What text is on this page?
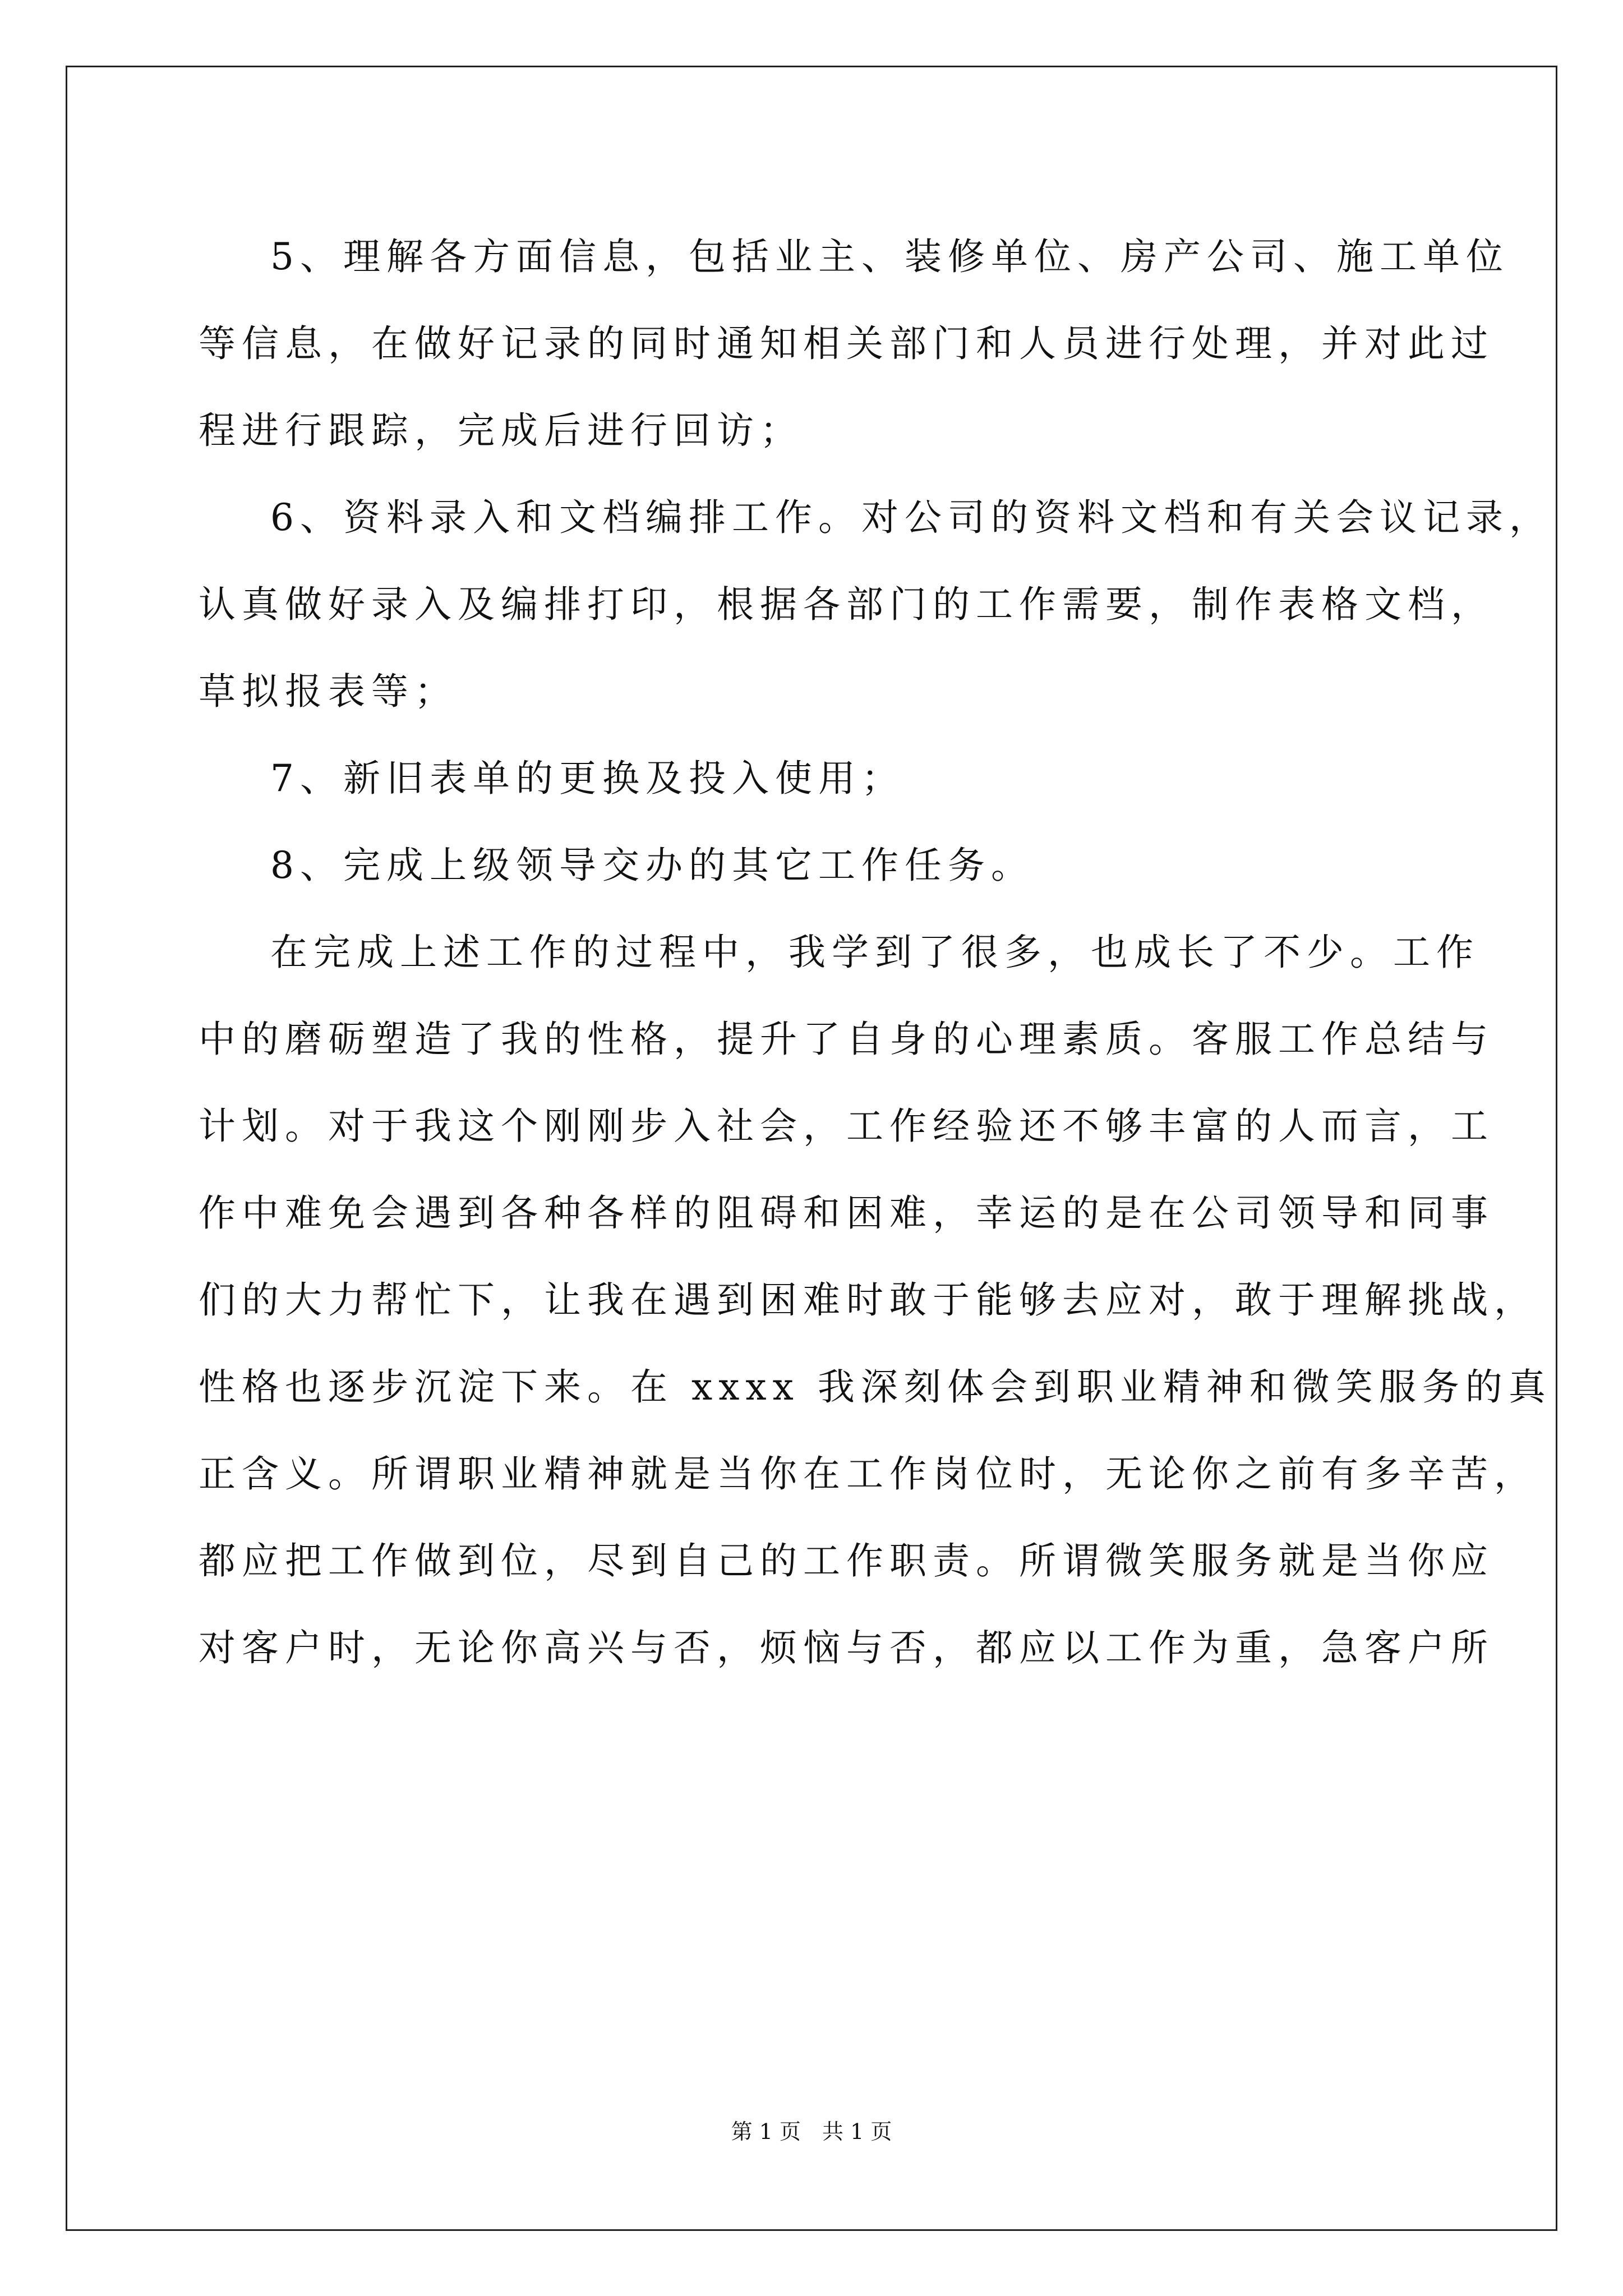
5、理解各方面信息，包括业主、装修单位、房产公司、施工单位
等信息，在做好记录的同时通知相关部门和人员进行处理，并对此过
程进行跟踪，完成后进行回访；
6、资料录入和文档编排工作。对公司的资料文档和有关会议记录，
认真做好录入及编排打印，根据各部门的工作需要，制作表格文档，
草拟报表等；
7、新旧表单的更换及投入使用；
8、完成上级领导交办的其它工作任务。
在完成上述工作的过程中，我学到了很多，也成长了不少。工作
中的磨砺塑造了我的性格，提升了自身的心理素质。客服工作总结与
计划。对于我这个刚刚步入社会，工作经验还不够丰富的人而言，工
作中难免会遇到各种各样的阻碍和困难，幸运的是在公司领导和同事
们的大力帮忙下，让我在遇到困难时敢于能够去应对，敢于理解挑战，
性格也逐步沉淀下来。在 xxxx 我深刻体会到职业精神和微笑服务的真
正含义。所谓职业精神就是当你在工作岗位时，无论你之前有多辛苦，
都应把工作做到位，尽到自己的工作职责。所谓微笑服务就是当你应
对客户时，无论你高兴与否，烦恼与否，都应以工作为重，急客户所
第 1 页　共 1 页
